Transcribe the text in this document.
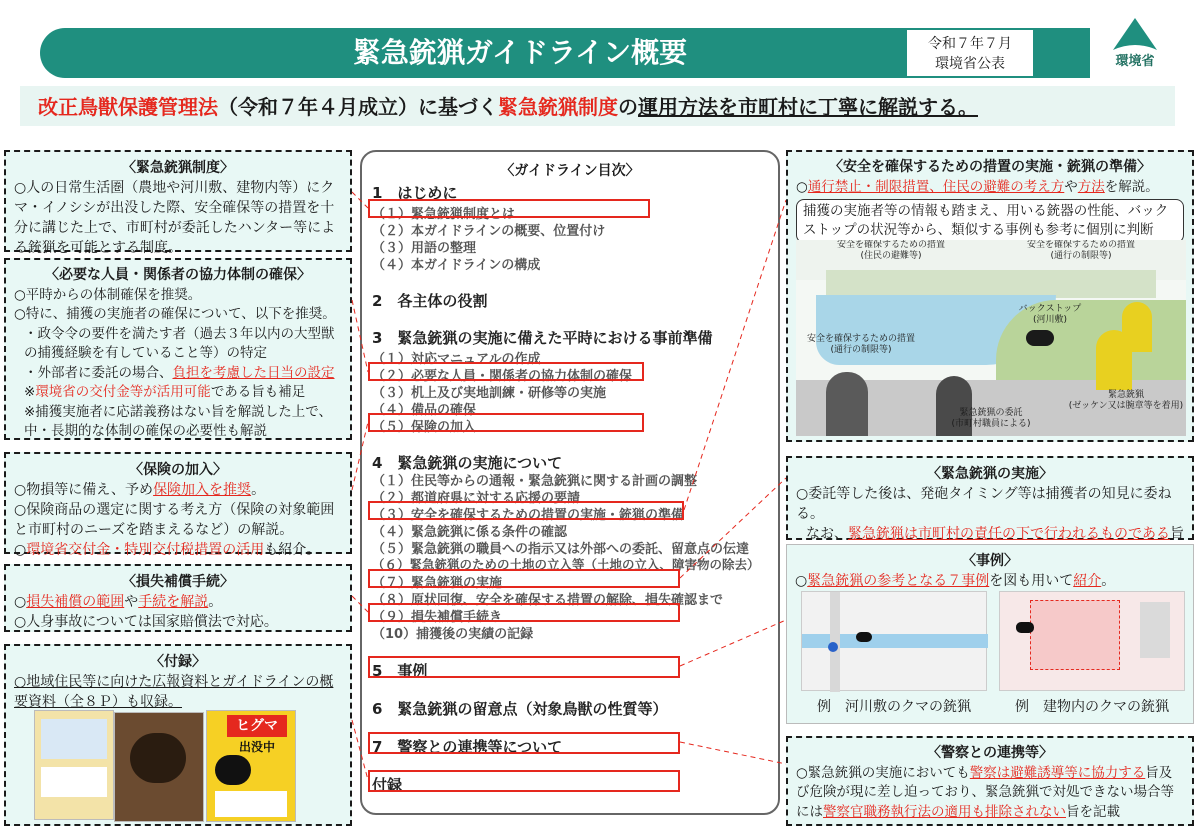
緊急銃猟ガイドライン概要	令和７年７月
環境省公表	環境省
改正鳥獣保護管理法（令和７年４月成立）に基づく緊急銃猟制度の運用方法を市町村に丁寧に解説する。
〈緊急銃猟制度〉
○人の日常生活圏（農地や河川敷、建物内等）にクマ・イノシシが出没した際、安全確保等の措置を十分に講じた上で、市町村が委託したハンター等による銃猟を可能とする制度。
〈必要な人員・関係者の協力体制の確保〉
○平時からの体制確保を推奨。
○特に、捕獲の実施者の確保について、以下を推奨。
・政令令の要件を満たす者（過去３年以内の大型獣の捕獲経験を有していること等）の特定
・外部者に委託の場合、負担を考慮した日当の設定
※環境省の交付金等が活用可能である旨も補足
※捕獲実施者に応諾義務はない旨を解説した上で、中・長期的な体制の確保の必要性も解説
〈保険の加入〉
○物損等に備え、予め保険加入を推奨。
○保険商品の選定に関する考え方（保険の対象範囲と市町村のニーズを踏まえるなど）の解説。
○環境省交付金・特別交付税措置の活用も紹介。
〈損失補償手続〉
○損失補償の範囲や手続を解説。
○人身事故については国家賠償法で対応。
〈付録〉
○地域住民等に向けた広報資料とガイドラインの概要資料（全８Ｐ）も収録。
ヒグマ
出没中
〈ガイドライン目次〉
1　はじめに
（１）緊急銃猟制度とは
（２）本ガイドラインの概要、位置付け
（３）用語の整理
（４）本ガイドラインの構成
2　各主体の役割
3　緊急銃猟の実施に備えた平時における事前準備
（１）対応マニュアルの作成
（２）必要な人員・関係者の協力体制の確保
（３）机上及び実地訓練・研修等の実施
（４）備品の確保
（５）保険の加入
4　緊急銃猟の実施について
（１）住民等からの通報・緊急銃猟に関する計画の調整
（２）都道府県に対する応援の要請
（３）安全を確保するための措置の実施・銃猟の準備
（４）緊急銃猟に係る条件の確認
（５）緊急銃猟の職員への指示又は外部への委託、留意点の伝達
（６）緊急銃猟のための土地の立入等（土地の立入、障害物の除去）
（７）緊急銃猟の実施
（８）原状回復、安全を確保する措置の解除、損失確認まで
（９）損失補償手続き
（10）捕獲後の実績の記録
5　事例
6　緊急銃猟の留意点（対象鳥獣の性質等）
7　警察との連携等について
付録
〈安全を確保するための措置の実施・銃猟の準備〉
○通行禁止・制限措置、住民の避難の考え方や方法を解説。
捕獲の実施者等の情報も踏まえ、用いる銃器の性能、バックストップの状況等から、類似する事例も参考に個別に判断
安全を確保するための措置
(住民の避難等)
安全を確保するための措置
(通行の制限等)
バックストップ
(河川敷)
安全を確保するための措置
(通行の制限等)
緊急銃猟
(ゼッケン又は腕章等を着用)
緊急銃猟の委託
(市町村職員による)
〈緊急銃猟の実施〉
○委託等した後は、発砲タイミング等は捕獲者の知見に委ねる。
なお、緊急銃猟は市町村の責任の下で行われるものである旨
〈事例〉
○緊急銃猟の参考となる７事例を図も用いて紹介。
例　河川敷のクマの銃猟	例　建物内のクマの銃猟
〈警察との連携等〉
○緊急銃猟の実施においても警察は避難誘導等に協力する旨及び危険が現に差し迫っており、緊急銃猟で対処できない場合等には警察官職務執行法の適用も排除されない旨を記載
